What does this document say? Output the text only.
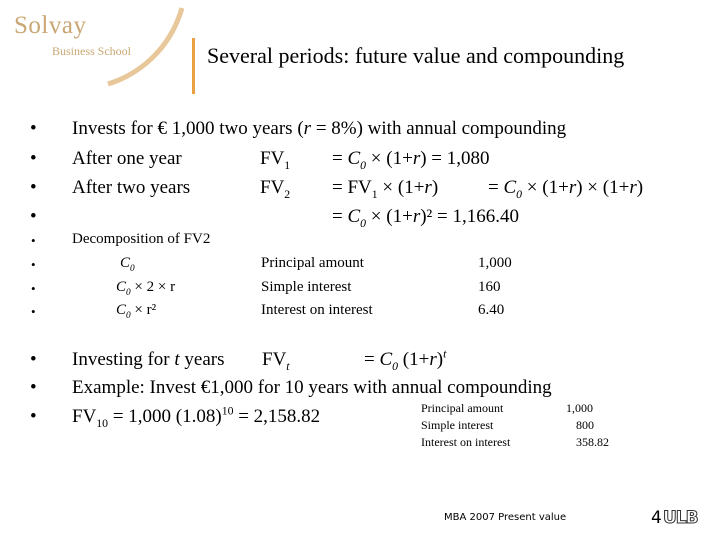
Solvay
Business School	Several periods: future value and compounding
• Invests for € 1,000 two years (r = 8%) with annual compounding
• After one year	$FV_1 = C_0 \times (1+r) = 1,080$
• After two years	$FV_2 = FV_1 \times (1+r)$	= $C_0 \times (1+r) \times (1+r)$
•	= $C_0 \times (1+r)^2 = 1,166.40$
• Decomposition of FV2
•	$C_0$	Principal amount	1,000
•	$C_0 \times 2 \times r$	Simple interest	160
•	$C_0 \times r^2$	Interest on interest	6.40
• Investing for t years $FV_t$	= $C_0$ $(1+r)^t$
• Example: Invest €1,000 for 10 years with annual compounding
• $FV_{10} = 1,000$ $(1.08)^{10} = 2,158.82$	Principal amount	1,000
Simple interest	800
Interest on interest	358.82
MBA 2007 Present value	4 ULB
